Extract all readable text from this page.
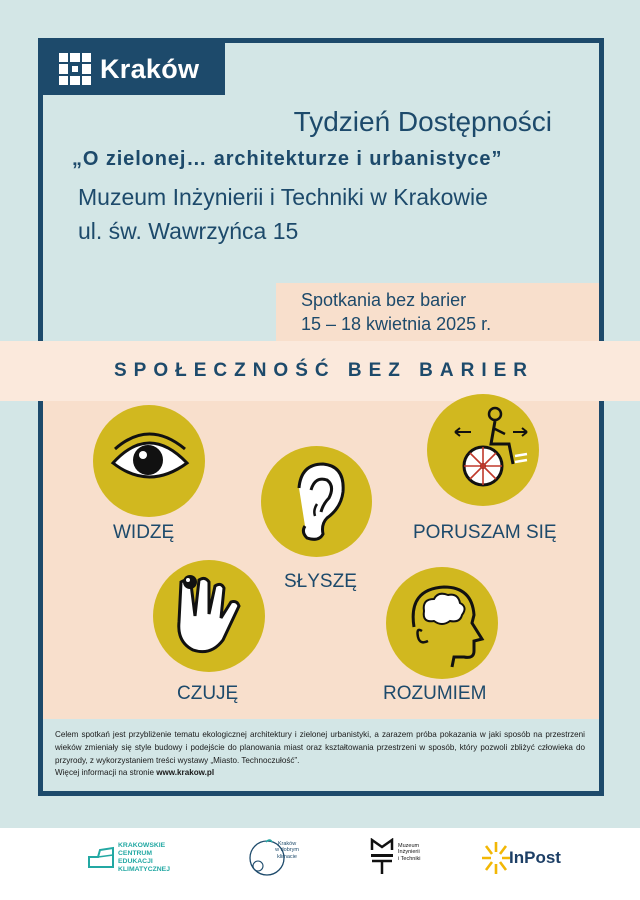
Kraków
Tydzień Dostępności
„O zielonej… architekturze i urbanistyce”
Muzeum Inżynierii i Techniki w Krakowie
ul. św. Wawrzyńca 15
Spotkania bez barier
15 – 18 kwietnia 2025 r.
SPOŁECZNOŚĆ BEZ BARIER
WIDZĘ
SŁYSZĘ
PORUSZAM SIĘ
CZUJĘ	ROZUMIEM
Celem spotkań jest przybliżenie tematu ekologicznej architektury i zielonej urbanistyki, a zarazem próba pokazania w jaki sposób na przestrzeni wieków zmieniały się style budowy i podejście do planowania miast oraz kształtowania przestrzeni w sposób, który pozwoli zbliżyć człowieka do przyrody, z wykorzystaniem treści wystawy „Miasto. Technoczułość”.
Więcej informacji na stronie www.krakow.pl
KRAKOWSKIE
CENTRUM
EDUKACJI
KLIMATYCZNEJ
Kraków
w dobrym
klimacie
Muzeum
Inżynierii
i Techniki	InPost
